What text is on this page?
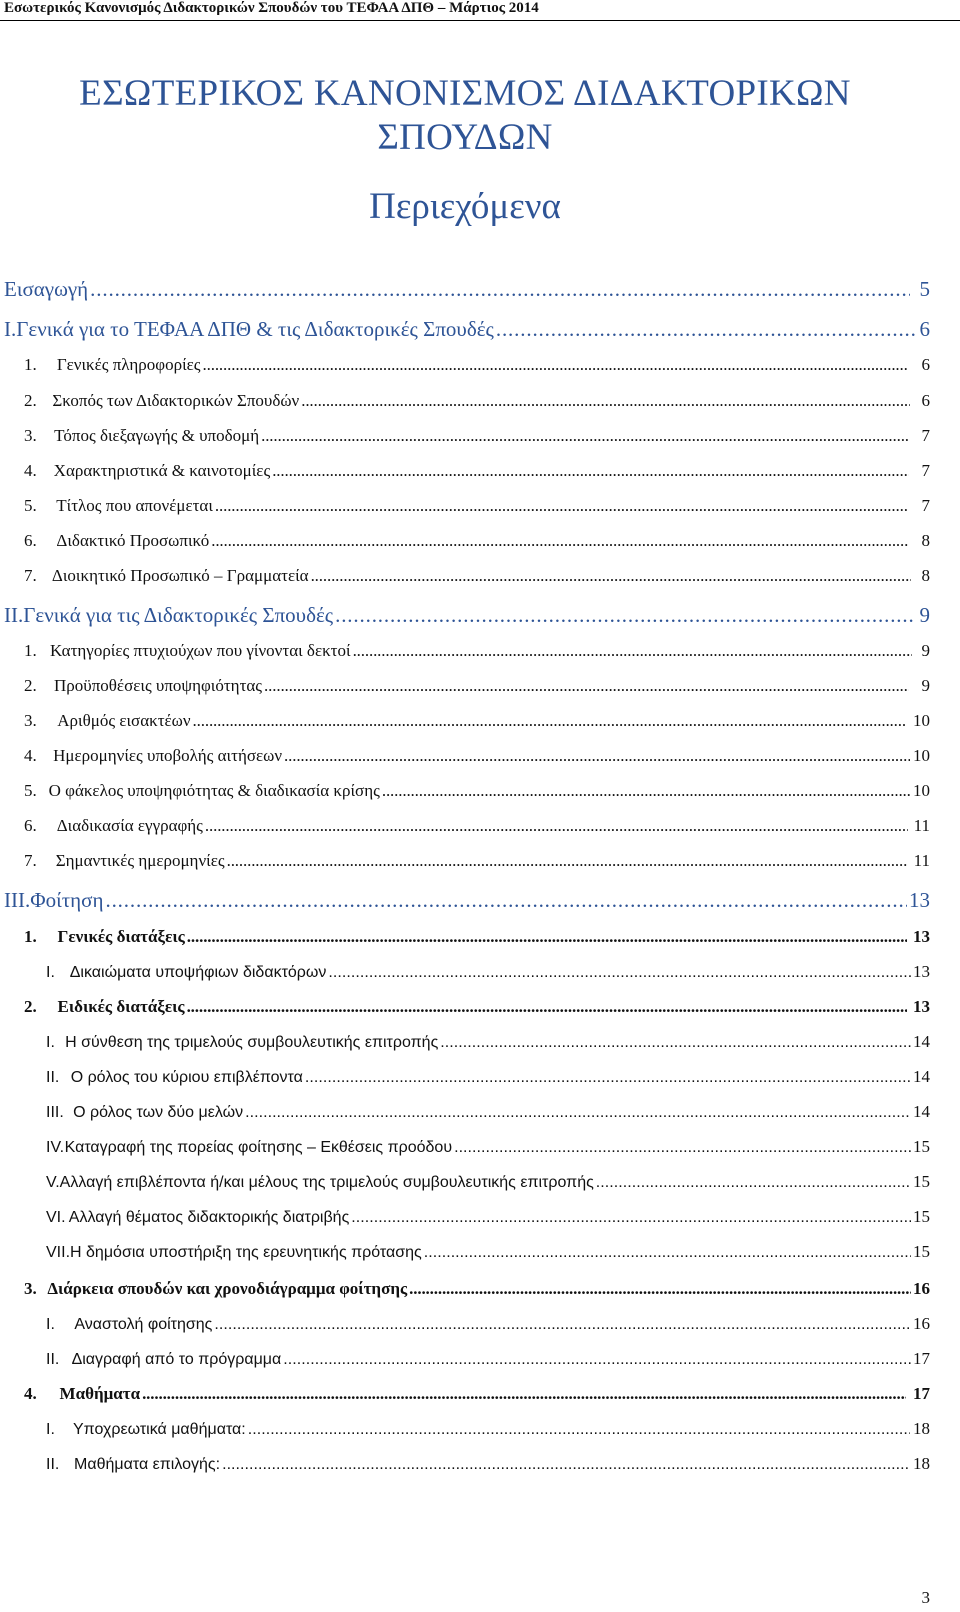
Εσωτερικός Κανονισμός Διδακτορικών Σπουδών του ΤΕΦΑΑ ΔΠΘ – Μάρτιος 2014
ΕΣΩΤΕΡΙΚΟΣ ΚΑΝΟΝΙΣΜΟΣ ΔΙΔΑΚΤΟΡΙΚΩΝ
ΣΠΟΥΔΩΝ
Περιεχόμενα
Εισαγωγή . . .	5
I. Γενικά για το ΤΕΦΑΑ ΔΠΘ & τις Διδακτορικές Σπουδές . . .	6
1.	Γενικές πληροφορίες . . .	6
2. Σκοπός των Διδακτορικών Σπουδών . . .	6
3.	Τόπος διεξαγωγής & υποδομή . . .	7
4. Χαρακτηριστικά & καινοτομίες . . .	7
5.	Τίτλος που απονέμεται . . .	7
6.	Διδακτικό Προσωπικό . . .	8
7. Διοικητικό Προσωπικό – Γραμματεία . . .	8
II. Γενικά για τις Διδακτορικές Σπουδές . . .	9
1. Κατηγορίες πτυχιούχων που γίνονται δεκτοί . . .	9
2.	Προϋποθέσεις υποψηφιότητας . . .	9
3.	Αριθμός εισακτέων . . .	10
4. Ημερομηνίες υποβολής αιτήσεων . . .	10
5. Ο φάκελος υποψηφιότητας & διαδικασία κρίσης . . .	10
6.	Διαδικασία εγγραφής . . .	11
7.	Σημαντικές ημερομηνίες . . .	11
III. Φοίτηση . . .	13
1.	Γενικές διατάξεις . . .	13
I. Δικαιώματα υποψήφιων διδακτόρων . . .	13
2.	Ειδικές διατάξεις . . .	13
I. Η σύνθεση της τριμελούς συμβουλευτικής επιτροπής . . .	14
II. Ο ρόλος του κύριου επιβλέποντα . . .	14
III. Ο ρόλος των δύο μελών . . .	14
IV. Καταγραφή της πορείας φοίτησης – Εκθέσεις προόδου . . .	15
V. Αλλαγή επιβλέποντα ή/και μέλους της τριμελούς συμβουλευτικής επιτροπής . . .	15
VI. Αλλαγή θέματος διδακτορικής διατριβής . . .	15
VII. Η δημόσια υποστήριξη της ερευνητικής πρότασης . . .	15
3. Διάρκεια σπουδών και χρονοδιάγραμμα φοίτησης . . .	16
I.	Αναστολή φοίτησης . . .	16
II. Διαγραφή από το πρόγραμμα . . .	17
4.	Μαθήματα . . .	17
I.	Υποχρεωτικά μαθήματα: . . .	18
II. Μαθήματα επιλογής: . . .	18
3
